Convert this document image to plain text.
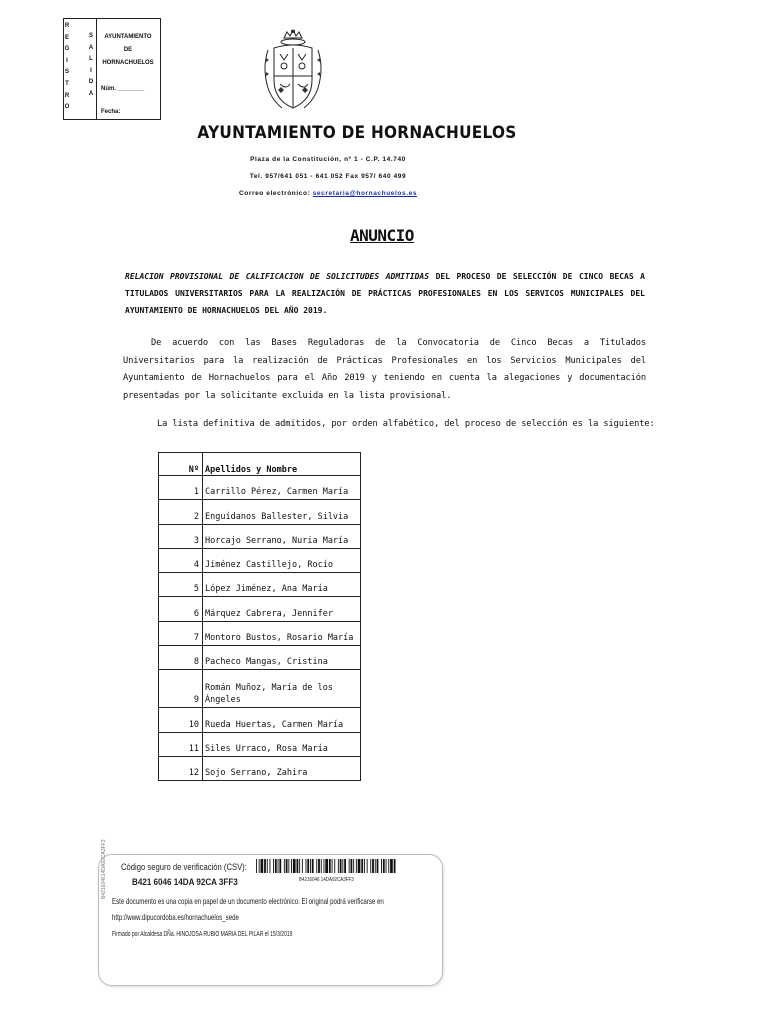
R
E
G
I
S
T
R
O
S
A
L
I
D
A
AYUNTAMIENTO
DE
HORNACHUELOS
Núm. ________
Fecha:
AYUNTAMIENTO DE HORNACHUELOS
Plaza de la Constitución, nº 1 - C.P. 14.740
Tel. 957/641 051 - 641 052 Fax 957/ 640 499
Correo electrónico: secretaria@hornachuelos.es
ANUNCIO
RELACION PROVISIONAL DE CALIFICACION DE SOLICITUDES ADMITIDAS DEL PROCESO DE SELECCIÓN DE CINCO BECAS A TITULADOS UNIVERSITARIOS PARA LA REALIZACIÓN DE PRÁCTICAS PROFESIONALES EN LOS SERVICOS MUNICIPALES DEL AYUNTAMIENTO DE HORNACHUELOS DEL AÑO 2019.
De acuerdo con las Bases Reguladoras de la Convocatoria de Cinco Becas a Titulados Universitarios para la realización de Prácticas Profesionales en los Servicios Municipales del Ayuntamiento de Hornachuelos para el Año 2019 y teniendo en cuenta la alegaciones y documentación presentadas por la solicitante excluida en la lista provisional.
La lista definitiva de admitidos, por orden alfabético, del proceso de selección es la siguiente:
Nº	Apellidos y Nombre
1	Carrillo Pérez, Carmen María
2	Enguídanos Ballester, Silvia
3	Horcajo Serrano, Nuria María
4	Jiménez Castillejo, Rocío
5	López Jiménez, Ana María
6	Márquez Cabrera, Jennifer
7	Montoro Bustos, Rosario María
8	Pacheco Mangas, Cristina
9	Román Muñoz, María de los
Ángeles

10	Rueda Huertas, Carmen María
11	Siles Urraco, Rosa María
12	Sojo Serrano, Zahira
B421604614DA92CA3FF3 Código seguro de verificación (CSV):
B421 6046 14DA 92CA 3FF3	B4216046 14DA92CA3FF3
Este documento es una copia en papel de un documento electrónico. El original podrá verificarse en
http://www.dipucordoba.es/hornachuelos_sede
Firmado por Alcaldesa DÑa. HINOJOSA RUBIO MARIA DEL PILAR el 15/3/2019
